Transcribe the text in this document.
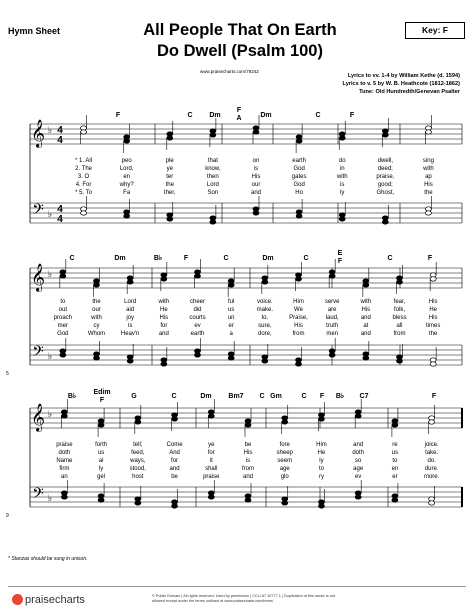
Hymn Sheet	All People That On Earth
Do Dwell (Psalm 100)
Key: F
www.praisecharts.com/79242
Lyrics to vv. 1-4 by William Kethe (d. 1594)
Lyrics to v. 5 by W. B. Heathcote (1812-1862)
Tune: Old Hundredth/Genevan Psalter
𝄞
𝄢
♭
♭
4
4
4
4
F	C Dm
F
A	Dm	C	F
* 1. All	peo	ple	that	on	earth	do	dwell,	sing
2. The	Lord,	ye	know,	is	God	in	deed;	with
3. O	en	ter	then	His	gates	with	praise,	ap
4. For	why?	the	Lord	our	God	is	good;	His
* 5. To	Fa	ther,	Son	and	Ho	ly	Ghost,	the
𝄞
𝄢
♭
♭
5
C	Dm	B♭	F	C	Dm	C
E
F	C	F
to	the	Lord	with	cheer	ful	voice.	Him	serve	with	fear,	His
out	our	aid	He	did	us	make.	We	are	His	folk,	He
proach	with	joy	His	courts	un	to.	Praise,	laud,	and	bless	His
mer	cy	is	for	ev	er	sure,	His	truth	at	all	times
God	Whom	Heav'n	and	earth	a	dore,	from	men	and	from	the
𝄞
𝄢
♭
♭
9
B♭
Edim
F
G	C	Dm Bm7 C Gm	C F B♭ C7	F
praise	forth	tell;	Come	ye	be	fore	Him	and	re	joice.
doth	us	feed,	And	for	His	sheep	He	doth	us	take.
Name	al	ways,	for	it	is	seem	ly	so	to	do.
firm	ly	stood,	and	shall	from	age	to	age	en	dure.
an	gel	host	be	praise	and	glo	ry	ev	er	more.
* Stanzas should be sung in unison.
praisecharts	© Public Domain | All rights reserved. Used by permission | CCLI #7 10777 1 | Duplication of this music is not
allowed except under the terms outlined at www.praisecharts.com/terms
